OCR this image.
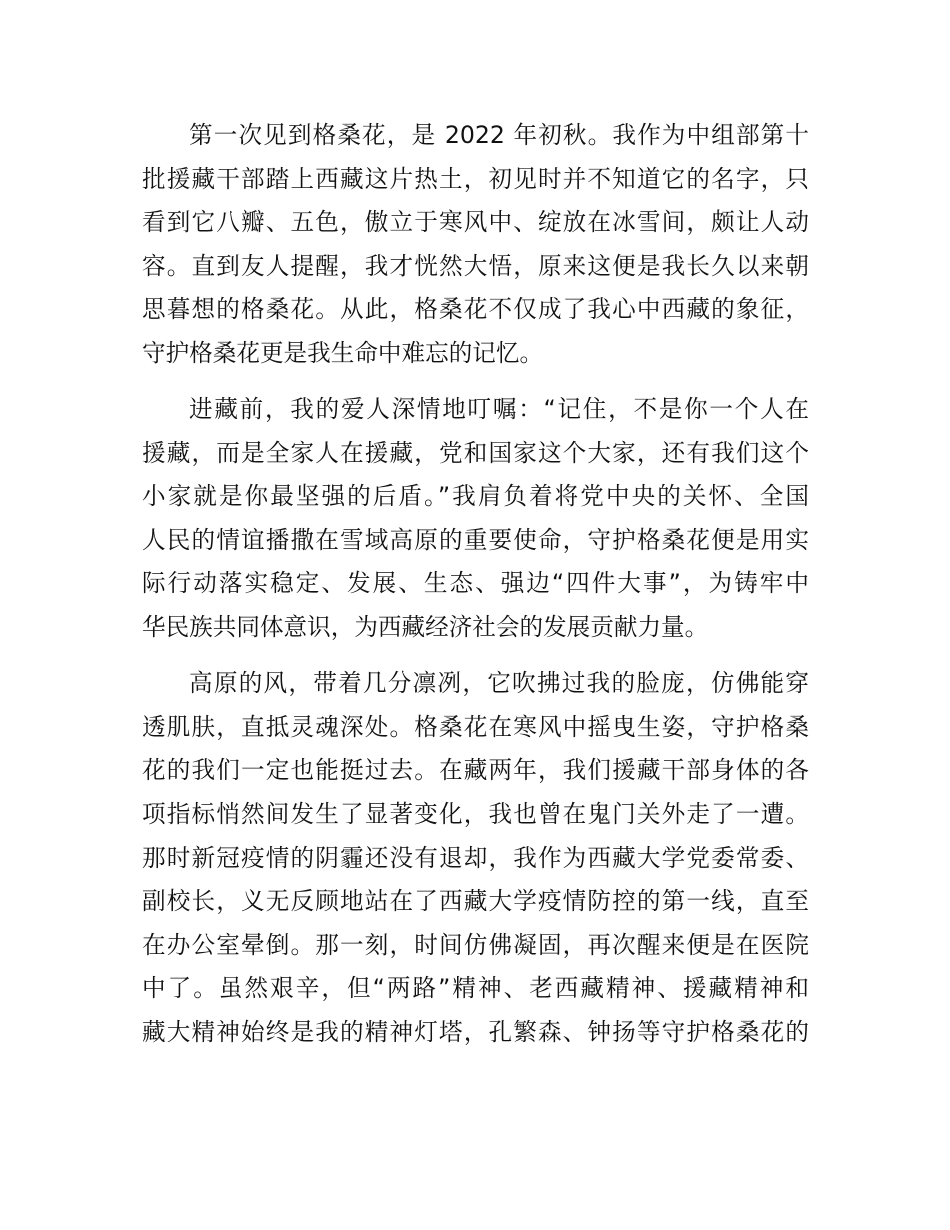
第一次见到格桑花，是 2022 年初秋。我作为中组部第十
批援藏干部踏上西藏这片热土，初见时并不知道它的名字，只
看到它八瓣、五色，傲立于寒风中、绽放在冰雪间，颇让人动
容。直到友人提醒，我才恍然大悟，原来这便是我长久以来朝
思暮想的格桑花。从此，格桑花不仅成了我心中西藏的象征，
守护格桑花更是我生命中难忘的记忆。
进藏前，我的爱人深情地叮嘱：“记住，不是你一个人在
援藏，而是全家人在援藏，党和国家这个大家，还有我们这个
小家就是你最坚强的后盾。”我肩负着将党中央的关怀、全国
人民的情谊播撒在雪域高原的重要使命，守护格桑花便是用实
际行动落实稳定、发展、生态、强边“四件大事”，为铸牢中
华民族共同体意识，为西藏经济社会的发展贡献力量。
高原的风，带着几分凛冽，它吹拂过我的脸庞，仿佛能穿
透肌肤，直抵灵魂深处。格桑花在寒风中摇曳生姿，守护格桑
花的我们一定也能挺过去。在藏两年，我们援藏干部身体的各
项指标悄然间发生了显著变化，我也曾在鬼门关外走了一遭。
那时新冠疫情的阴霾还没有退却，我作为西藏大学党委常委、
副校长，义无反顾地站在了西藏大学疫情防控的第一线，直至
在办公室晕倒。那一刻，时间仿佛凝固，再次醒来便是在医院
中了。虽然艰辛，但“两路”精神、老西藏精神、援藏精神和
藏大精神始终是我的精神灯塔，孔繁森、钟扬等守护格桑花的
